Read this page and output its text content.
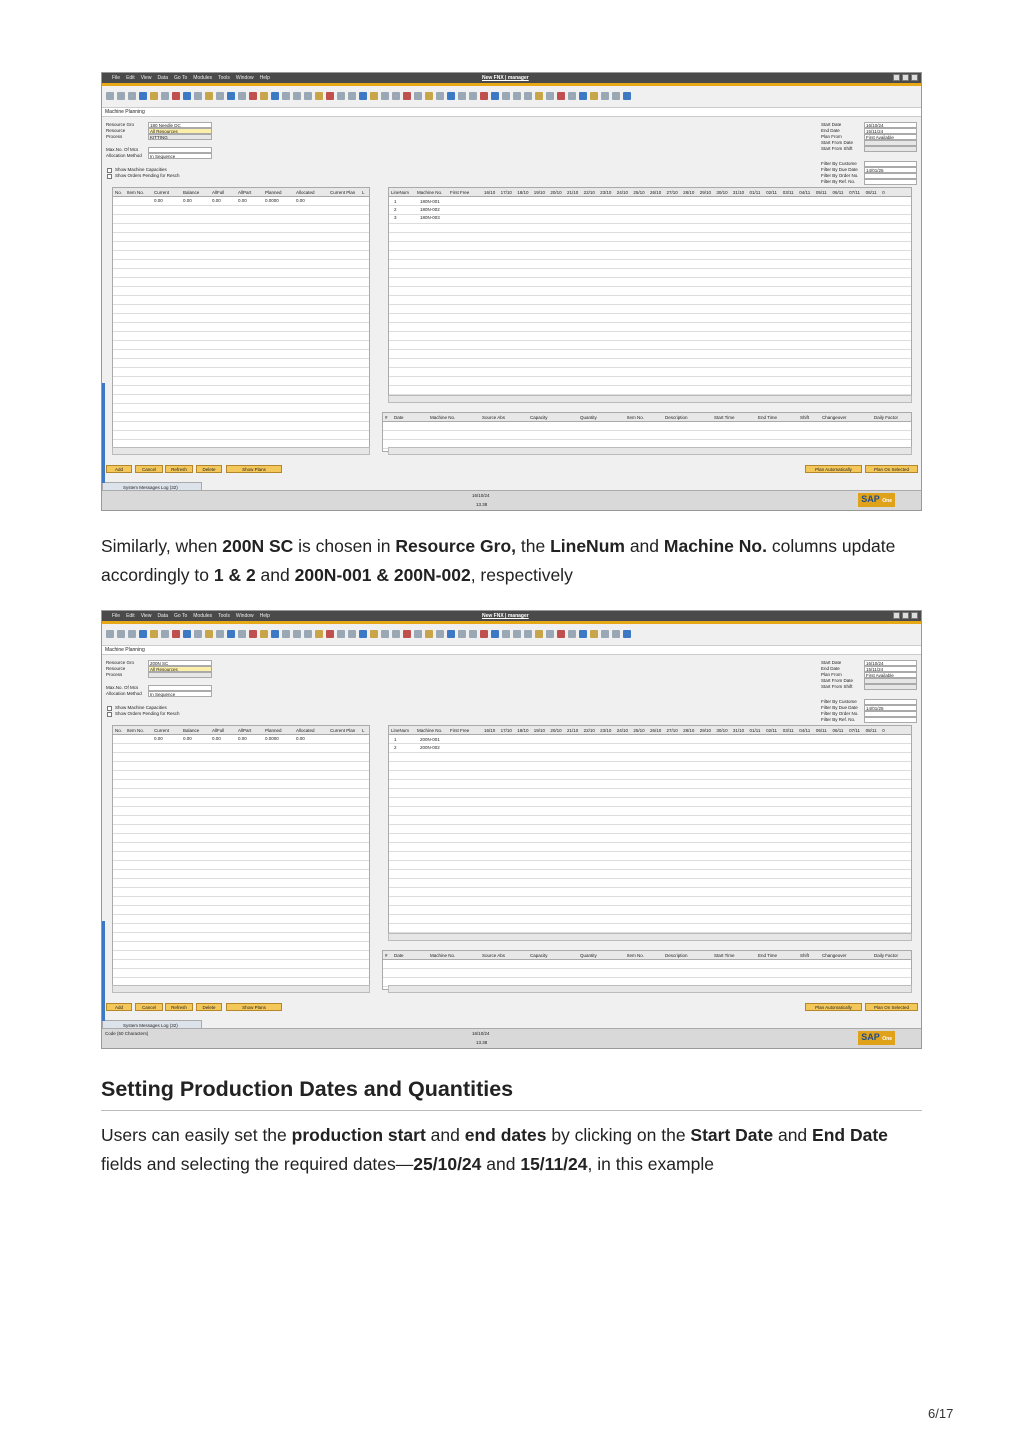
File Edit View Data Go To Modules Tools Window Help	New FNX | manager
Machine Planning
Resource Gro	180 Needle DC
Resource	All Resources
Process	KITTING
Max.No. Of Mcs
Allocation Method	In Sequence
Show Machine Capacities
Show Orders Pending for Resch
Start Date	16/10/24
End Date	15/11/24
Plan From	First Available
Start From Date
Start From Shift
Filter By Custome
Filter By Due Date	14/01/25
Filter By Order No.
Filter By Ref. No.
No. Item No. Current	Balance	AllFull	AllPart	Planned	Allocated	Current Plan L
0.00	0.00	0.00	0.00	0.0000	0.00
LineNum Machine No. First Free	16/10 17/10 18/10 19/10 20/10 21/10 22/10 23/10 24/10 25/10 26/10 27/10 28/10 29/10 30/10 31/10 01/11 02/11 03/11 04/11 05/11 06/11 07/11 08/11 0
1	180N-001
2	180N-002
3	180N-003
# Date	Machine No.	Source Abs	Capacity	Quantity	Item No.	Description	Start Time	End Time	Shift	Changeover	Daily Factor
Add	Cancel	Refresh	Delete	Show Plans	Plan Automatically	Plan On Selected
System Messages Log (32)
16/10/24
13.38
SAP One

Similarly, when 200N SC is chosen in Resource Gro, the LineNum and Machine No. columns update accordingly to 1 & 2 and 200N-001 & 200N-002, respectively

File Edit View Data Go To Modules Tools Window Help	New FNX | manager
Machine Planning
Resource Gro	200N SC
Resource	All Resources
Process
Max.No. Of Mcs
Allocation Method	In Sequence
Show Machine Capacities
Show Orders Pending for Resch
Start Date	16/10/24
End Date	15/11/24
Plan From	First Available
Start From Date
Start From Shift
Filter By Custome
Filter By Due Date	14/01/25
Filter By Order No.
Filter By Ref. No.
No. Item No. Current	Balance	AllFull	AllPart	Planned	Allocated	Current Plan L
0.00	0.00	0.00	0.00	0.0000	0.00
LineNum Machine No. First Free	16/10 17/10 18/10 19/10 20/10 21/10 22/10 23/10 24/10 25/10 26/10 27/10 28/10 29/10 30/10 31/10 01/11 02/11 03/11 04/11 05/11 06/11 07/11 08/11 0
1	200N-001
2	200N-002
# Date	Machine No.	Source Abs	Capacity	Quantity	Item No.	Description	Start Time	End Time	Shift	Changeover	Daily Factor
Add	Cancel	Refresh	Delete	Show Plans	Plan Automatically	Plan On Selected
System Messages Log (32)
Code (50 Characters)	16/10/24
13.38
SAP One
Setting Production Dates and Quantities

Users can easily set the production start and end dates by clicking on the Start Date and End Date fields and selecting the required dates—25/10/24 and 15/11/24, in this example

6/17
